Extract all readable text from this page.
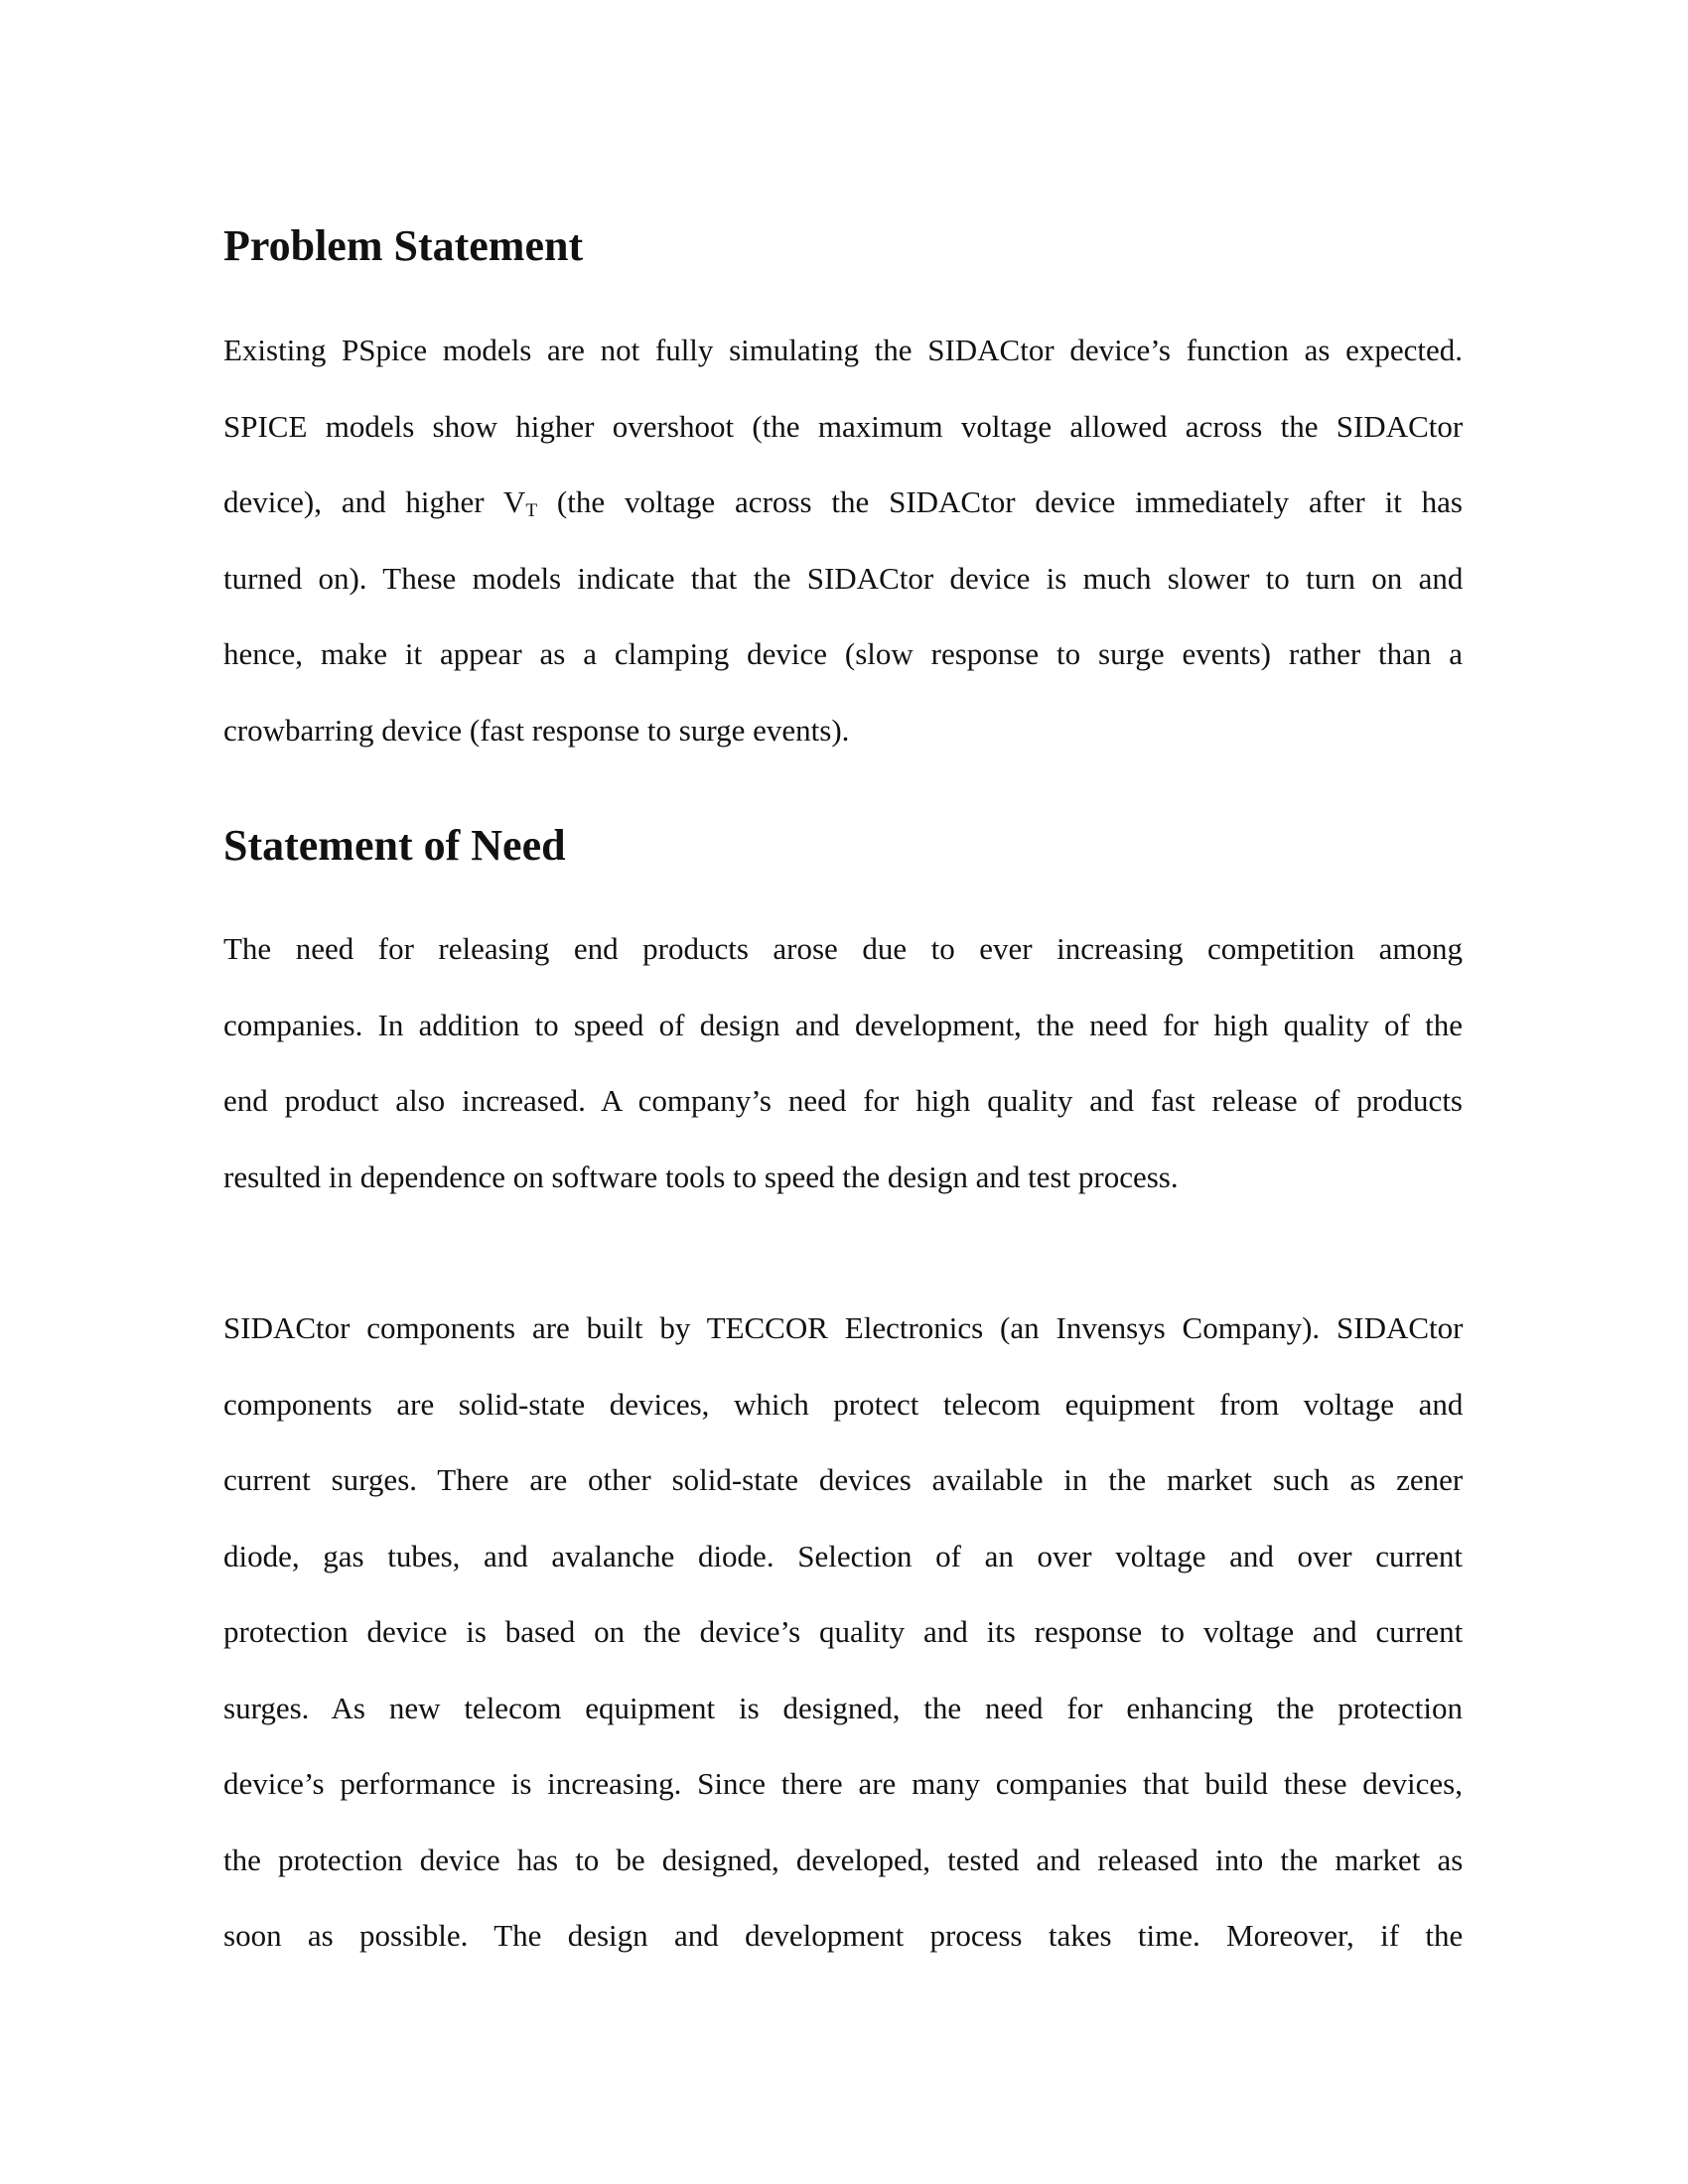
Problem Statement
Existing PSpice models are not fully simulating the SIDACtor device’s function as expected.
SPICE models show higher overshoot (the maximum voltage allowed across the SIDACtor
device), and higher $V_T$ (the voltage across the SIDACtor device immediately after it has
turned on). These models indicate that the SIDACtor device is much slower to turn on and
hence, make it appear as a clamping device (slow response to surge events) rather than a
crowbarring device (fast response to surge events).
Statement of Need
The need for releasing end products arose due to ever increasing competition among
companies. In addition to speed of design and development, the need for high quality of the
end product also increased. A company’s need for high quality and fast release of products
resulted in dependence on software tools to speed the design and test process.
SIDACtor components are built by TECCOR Electronics (an Invensys Company). SIDACtor
components are solid-state devices, which protect telecom equipment from voltage and
current surges. There are other solid-state devices available in the market such as zener
diode, gas tubes, and avalanche diode. Selection of an over voltage and over current
protection device is based on the device’s quality and its response to voltage and current
surges. As new telecom equipment is designed, the need for enhancing the protection
device’s performance is increasing. Since there are many companies that build these devices,
the protection device has to be designed, developed, tested and released into the market as
soon as possible. The design and development process takes time. Moreover, if the
